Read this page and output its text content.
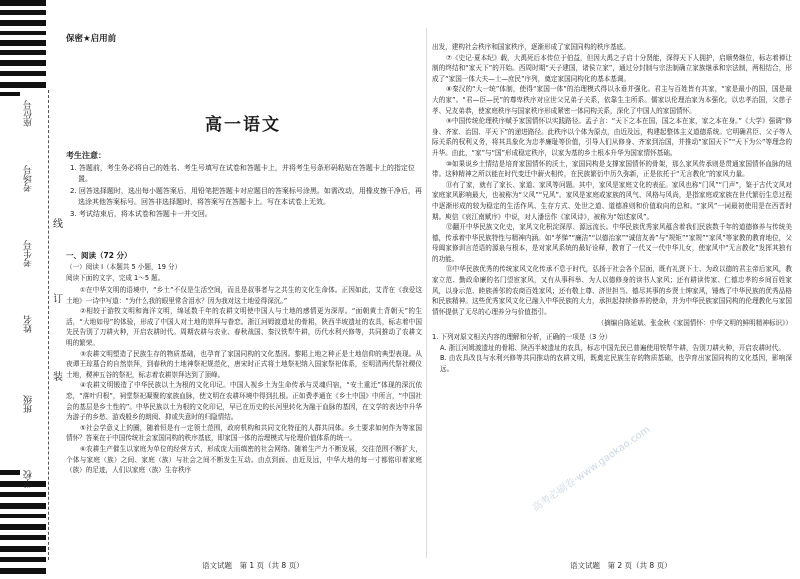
学校
班级
姓名
考生号
考场号
座位号
线
订
装
保密★启用前
高一语文
考生注意：

1. 答题前，考生务必将自己的姓名、考生号填写在试卷和答题卡上，并将考生号条形码粘贴在答题卡上的指定位置。

2. 回答选择题时，选出每小题答案后，用铅笔把答题卡对应题目的答案标号涂黑。如需改动，用橡皮擦干净后，再选涂其他答案标号。回答非选择题时，将答案写在答题卡上。写在本试卷上无效。

3. 考试结束后，将本试卷和答题卡一并交回。

一、阅读（72 分）
（一）阅读 Ⅰ（本题共 5 小题，19 分）
阅读下面的文字，完成 1～5 题。

①在中华文明的语境中，“乡土”不仅是生活空间，而且是叔事者与之共生的文化生命体。正因如此，艾青在《我爱这土地》一诗中写道：“为什么我的眼里常含泪水？因为我对这土地爱得深沉。”

②相较于游牧文明和海洋文明，绵延数千年的农耕文明使中国人与土地的感情更为深厚。“面朝黄土背朝天”的生活，“大地如母”的体验，形成了中国人对土地的崇拜与眷恋。浙江河姆渡遗址的骨耜，陕西半坡遗址的农具，标志着中国先民告别了刀耕火种，开启农耕时代。周期农耕与农业、春秋战国、秦汉铁犁牛耕，历代水利兴修等，共同推动了农耕文明的繁荣。

③农耕文明塑造了民族生存的物质基础，也孕育了家国同构的文化基因。黎耜上地之种正是土地信仰的典型表现。从夜谭王琮墓合的自然崇拜，到春秋的土地神祭祀规范化，唐宋时正式将土地祭祀纳入国家祭祀体系，至明清两代祭社稷仪土地，稷神五谷的祭祀，标志着农耕崇拜达到了顶峰。

④农耕文明锻造了中华民族以土为根的文化印记。中国人视乡土为生命传承与灵魂归宿，“安土重迁”体现的深沉依恋，“落叶归根”，祠堂祭祀凝聚的家族血脉，使文明在农耕环境中得到扎根。正如费孝通在《乡土中国》中所言，“中国社会的基层是乡土性的”。中华民族以土为根的文化印记，早已在历史的长河里转化为融于血脉的基因，在文学的表达中升华为游子的乡愁、游戏般乡的朗阅、抑或失意时的归隐情结。

⑤社会学意义上的圈，随着恒是有一定领土范围，政府机构和共同文化特征的人群共同体。乡土要求如何作为等家国情怀？答案在于中国传统社会家国同构的秩序基底，即家国一体的治理模式与伦理价值体系的统一。

⑥农耕生产催生以家庭为单位的经营方式，形成庞大而缜密的社会网络。随着生产力不断发展，交往范围不断扩大，个体与家庭（族）之间、家庭（族）与社会之间不断发生互动。由点到面、由近及远，中华大地的每一寸都铭印着家庭（族）的足迹，人们以家庭（族）生存秩序

语文试题　第 1 页（共 8 页）

出发，建构社会秩序和国家秩序，逐渐形成了家国同构的秩序基底。

⑦《史记·夏本纪》载，大禹死后本传位于伯益，但因大禹之子启十分贤能，深得天下人拥护，启顺势继位，标志着禅让制的终结和“家天下”的开始。西周时期“天子建国，诸侯立家”，通过分封制与宗法制确立家族继承和宗法制，两相结合，形成了“家国一体大夫—士—庶民”序列，奠定家国同构化的基本基调。

⑧秦汉的“大一统”体制，使得“家国一体”的治理模式得以永垂并强化。君主与百姓皆有共家，“家是最小的国，国是最大的家”。“君—臣—民”的尊卑秩序对应世父兄弟子关系，依靠生主所系。儒家以伦理治家为本强化，以忠孝治国，父慈子孝、兄友弟恭，使家庭秩序与国家秩序形成紧密一体同构关系，深化了中国人的家国情怀。

⑨中国传统伦理秩序赋予家国情怀以实践路径。孟子言：“天下之本在国，国之本在家，家之本在身。”《大学》强调“修身、齐家、治国、平天下”的递进路径。此秩序以个体为原点，由近及远，构建起整体主义道德系统。它明确君臣、父子等人际关系的权利义务，将其具象化为忠孝廉耻等价值，引导人们从修身、齐家到治国，并推动“家国天下”“天下为公”等理念的升华。由此，“家”与“国”形成稳定秩序，以家为基的乡土根本升华为国家情怀基础。

⑩如果说乡土情结是培育家国情怀的沃土，家国同构是支撑家国情怀的骨架，那么家风传承则是贯通家国情怀血脉的纽带。这种精神之所以能在时代变迁中薪火相传，在民族繁衍中历久弥新，正是依托于“无言教化”的家风力量。

⑪有了家，就有了家长、家道、家风等问题。其中，家风是家庭文化的表征。家风也称“门风”“门声”，鉴于古代文风对家庭家风影响最大，也被称为“父风”“兄风”。家风是家庭或家族的风气、风格与风尚，是指家庭或家族在世代繁衍生息过程中逐渐形成的较为稳定的生活作风、生存方式、处世之道、道德准则和价值取向的总和。“家风”一词最初使用是在西晋时期。庾信《哀江南赋序》中说，对人潘岳作《家风诗》，被称为“始述家风”。

⑫翻开中华民族文化史，家风文化积淀深厚、源远流长。中华民族优秀家风蕴含着我们民族数千年的道德修养与传统美德，传承着中华民族特性与精神内涵。如“孝悌”“廉洁”“以德治家”“诚信友善”与“规矩”“家规”“家风”等家教的教育地位，父母阖家修训言范语的源泉与根本，是对家风系统的最好诠释，教育了一代又一代中华儿女，使家风中“无言教化”发挥其独有的功能。

⑬中华民族优秀的传统家风文化传承不息于时代，弘扬于社会各个层面，既有礼贤下士、为政以德的君主帝后家风，教家立范、勤政命廉的名门望宦家风，又有从事科举、为人以德修身的读书人家风；还有耕读传家、仁德忠孝的乡间百姓家风，以身示范、睦族善邻的农商百姓家风；还有敬上尊、济世担当、德尽其事的乡贤士绅家风，锤炼了中华民族的优秀品格和民族精神。这些优秀家风文化已融入中华民族的大力，承担起持续修养的使命，并为中华民族家国同构的伦理教化与家国情怀提供了无尽的心理养分与价值指引。

（摘编自陈延斌、张金秋《家国情怀：中华文明的鲜明精神标识》）

1. 下列对原文相关内容的理解和分析，正确的一项是（3 分）

A. 浙江河姆渡遗址的骨耜、陕西半坡遗址的农具，标志中国先民已普遍使用铁犁牛耕，告别刀耕火种，开启农耕时代。

B. 由农具改良与水利兴修等共同推动的农耕文明，既奠定民族生存的物质基础，也孕育出家国同构的文化基因，影响深远。

语文试题　第 2 页（共 8 页）
高考必刷卷·www.gaokao.com
